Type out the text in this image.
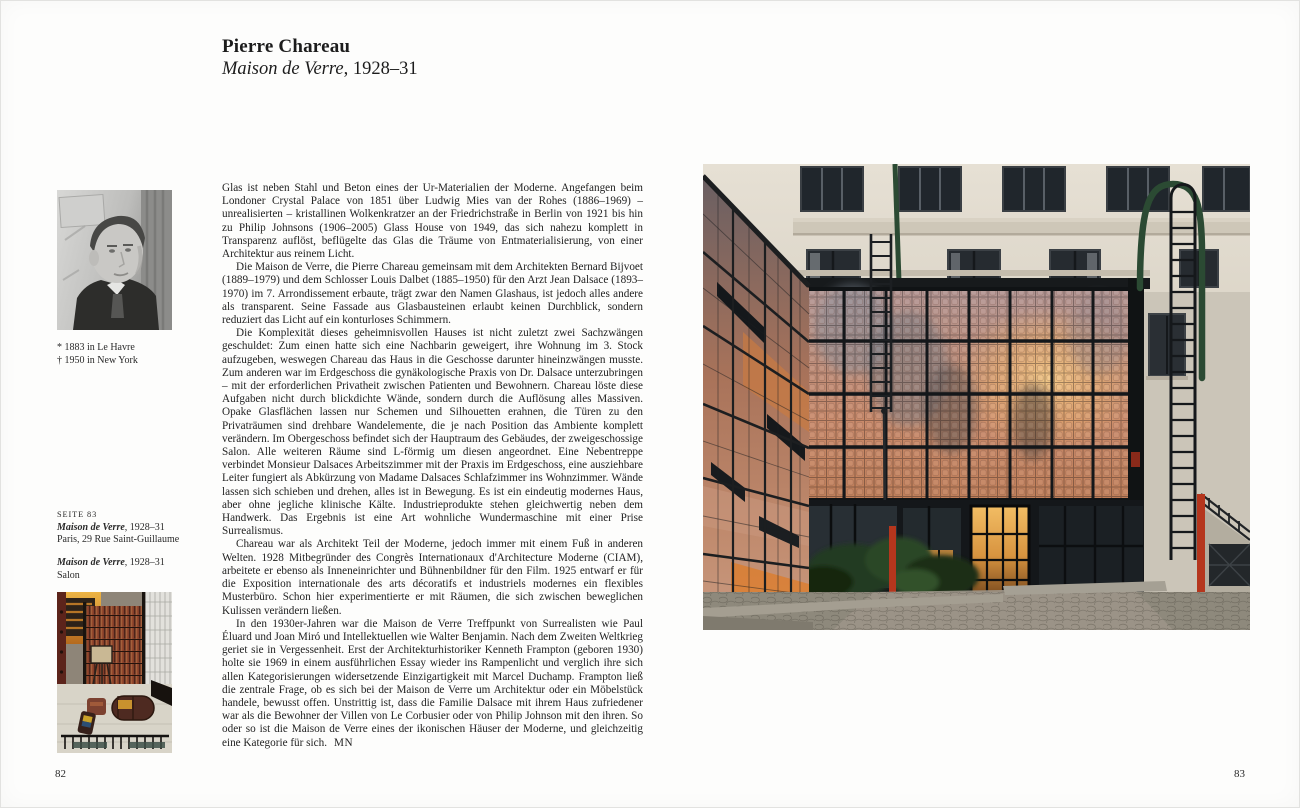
* 1883 in Le Havre
† 1950 in New York
SEITE 83
Maison de Verre, 1928–31
Paris, 29 Rue Saint-Guillaume
Maison de Verre, 1928–31
Salon
82
Pierre Chareau
Maison de Verre, 1928–31

Glas ist neben Stahl und Beton eines der Ur-Materialien der Moderne. Angefangen beim Londoner Crystal Palace von 1851 über Ludwig Mies van der Rohes (1886–1969) – unrealisierten – kristallinen Wolkenkratzer an der Friedrichstraße in Berlin von 1921 bis hin zu Philip Johnsons (1906–2005) Glass House von 1949, das sich nahezu komplett in Transparenz auflöst, beflügelte das Glas die Träume von Entmaterialisierung, von einer Architektur aus reinem Licht.

Die Maison de Verre, die Pierre Chareau gemeinsam mit dem Architekten Bernard Bijvoet (1889–1979) und dem Schlosser Louis Dalbet (1885–1950) für den Arzt Jean Dalsace (1893–1970) im 7. Arrondissement erbaute, trägt zwar den Namen Glashaus, ist jedoch alles andere als transparent. Seine Fassade aus Glasbausteinen erlaubt keinen Durchblick, sondern reduziert das Licht auf ein konturloses Schimmern.

Die Komplexität dieses geheimnisvollen Hauses ist nicht zuletzt zwei Sachzwängen geschuldet: Zum einen hatte sich eine Nachbarin geweigert, ihre Wohnung im 3. Stock aufzugeben, weswegen Chareau das Haus in die Geschosse darunter hineinzwängen musste. Zum anderen war im Erdgeschoss die gynäkologische Praxis von Dr. Dalsace unterzubringen – mit der erforderlichen Privatheit zwischen Patienten und Bewohnern. Chareau löste diese Aufgaben nicht durch blickdichte Wände, sondern durch die Auflösung alles Massiven. Opake Glasflächen lassen nur Schemen und Silhouetten erahnen, die Türen zu den Privaträumen sind drehbare Wandelemente, die je nach Position das Ambiente komplett verändern. Im Obergeschoss befindet sich der Hauptraum des Gebäudes, der zweigeschossige Salon. Alle weiteren Räume sind L-förmig um diesen angeordnet. Eine Nebentreppe verbindet Monsieur Dalsaces Arbeitszimmer mit der Praxis im Erdgeschoss, eine ausziehbare Leiter fungiert als Abkürzung von Madame Dalsaces Schlafzimmer ins Wohnzimmer. Wände lassen sich schieben und drehen, alles ist in Bewegung. Es ist ein eindeutig modernes Haus, aber ohne jegliche klinische Kälte. Industrieprodukte stehen gleichwertig neben dem Handwerk. Das Ergebnis ist eine Art wohnliche Wundermaschine mit einer Prise Surrealismus.

Chareau war als Architekt Teil der Moderne, jedoch immer mit einem Fuß in anderen Welten. 1928 Mitbegründer des Congrès Internationaux d'Architecture Moderne (CIAM), arbeitete er ebenso als Inneneinrichter und Bühnenbildner für den Film. 1925 entwarf er für die Exposition internationale des arts décoratifs et industriels modernes ein flexibles Musterbüro. Schon hier experimentierte er mit Räumen, die sich zwischen beweglichen Kulissen verändern ließen.

In den 1930er-Jahren war die Maison de Verre Treffpunkt von Surrealisten wie Paul Éluard und Joan Miró und Intellektuellen wie Walter Benjamin. Nach dem Zweiten Weltkrieg geriet sie in Vergessenheit. Erst der Architekturhistoriker Kenneth Frampton (geboren 1930) holte sie 1969 in einem ausführlichen Essay wieder ins Rampenlicht und verglich ihre sich allen Kategorisierungen widersetzende Einzigartigkeit mit Marcel Duchamp. Frampton ließ die zentrale Frage, ob es sich bei der Maison de Verre um Architektur oder ein Möbelstück handele, bewusst offen. Unstrittig ist, dass die Familie Dalsace mit ihrem Haus zufriedener war als die Bewohner der Villen von Le Corbusier oder von Philip Johnson mit den ihren. So oder so ist die Maison de Verre eines der ikonischen Häuser der Moderne, und gleichzeitig eine Kategorie für sich. MN

83
